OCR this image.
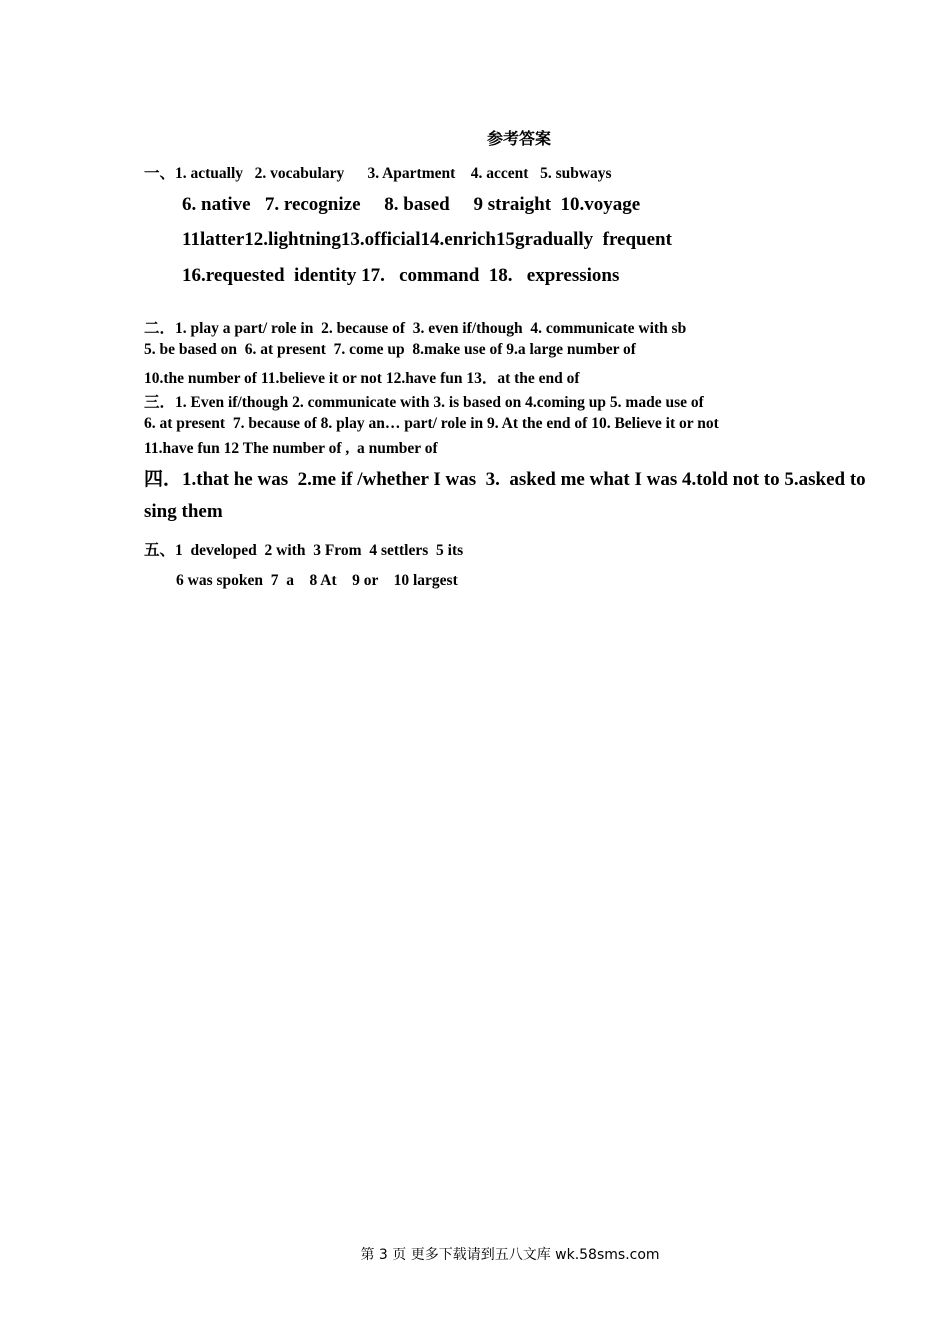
参考答案
一、1. actually   2. vocabulary      3. Apartment    4. accent   5. subways
6. native   7. recognize     8. based     9 straight  10.voyage
11latter12.lightning13.official14.enrich15gradually  frequent
16.requested  identity 17.   command  18.   expressions
二．1. play a part/ role in  2. because of  3. even if/though  4. communicate with sb
5. be based on  6. at present  7. come up  8.make use of 9.a large number of
10.the number of 11.believe it or not 12.have fun 13．at the end of
三．1. Even if/though 2. communicate with 3. is based on 4.coming up 5. made use of
6. at present  7. because of 8. play an… part/ role in 9. At the end of 10. Believe it or not
11.have fun 12 The number of ,  a number of
四．1.that he was  2.me if /whether I was  3.  asked me what I was 4.told not to 5.asked to
sing them
五、1  developed  2 with  3 From  4 settlers  5 its
6 was spoken  7  a    8 At    9 or    10 largest
第 3 页 更多下载请到五八文库 wk.58sms.com
